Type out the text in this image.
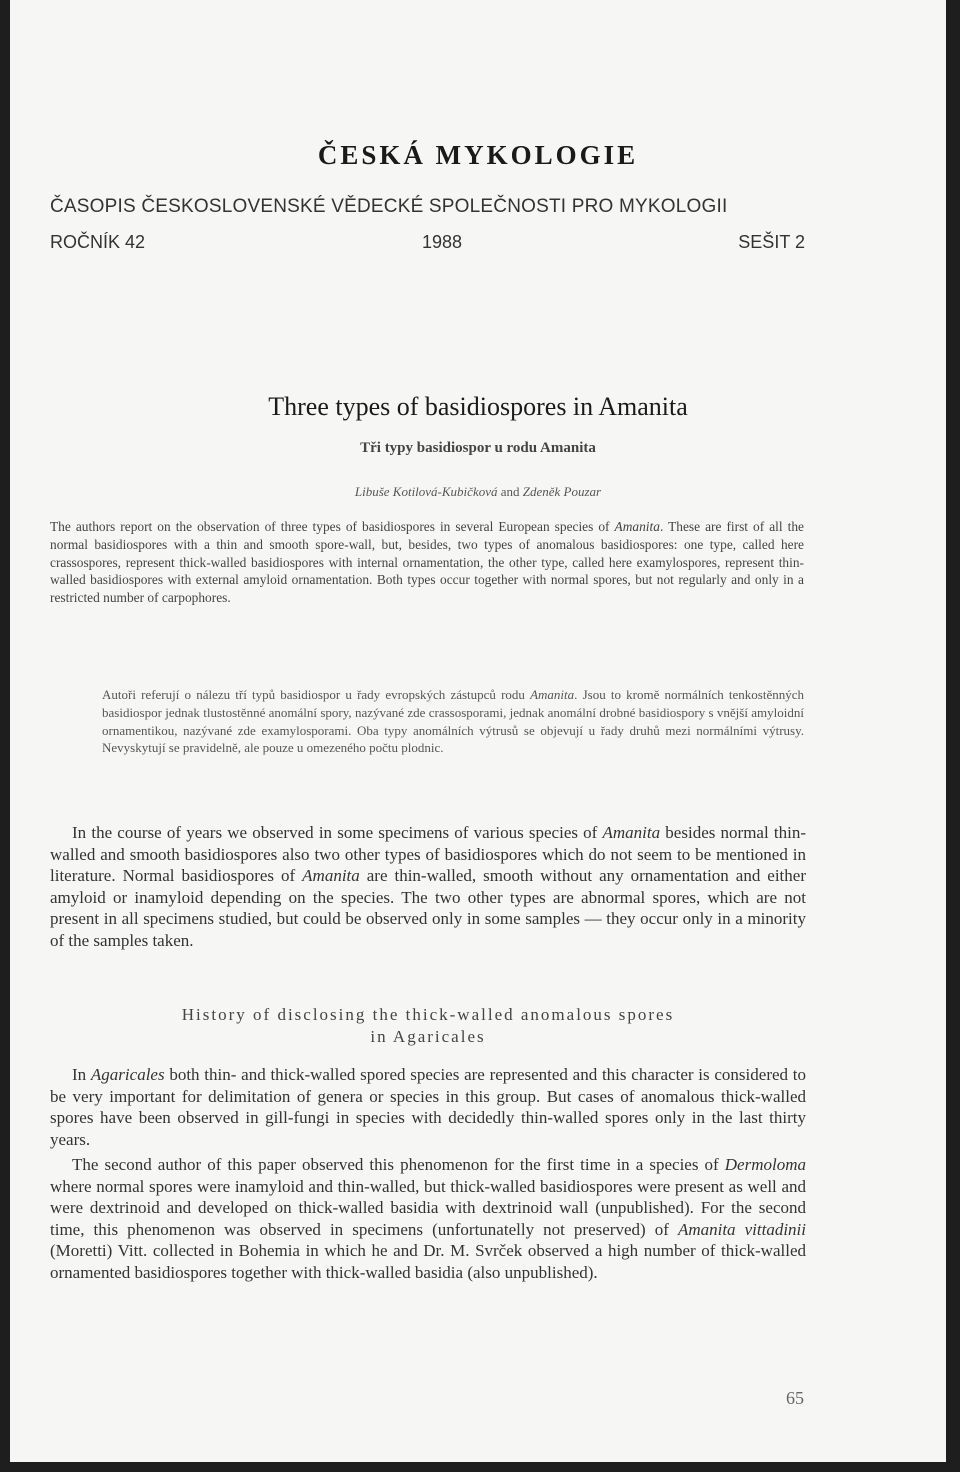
ČESKÁ MYKOLOGIE
ČASOPIS ČESKOSLOVENSKÉ VĚDECKÉ SPOLEČNOSTI PRO MYKOLOGII
ROČNÍK 42	1988	SEŠIT 2
Three types of basidiospores in Amanita
Tři typy basidiospor u rodu Amanita
Libuše Kotilová-Kubičková and Zdeněk Pouzar
The authors report on the observation of three types of basidiospores in several European species of Amanita. These are first of all the normal basidiospores with a thin and smooth spore-wall, but, besides, two types of anomalous basidiospores: one type, called here crassospores, represent thick-walled basidiospores with internal ornamentation, the other type, called here examylospores, represent thin-walled basidiospores with external amyloid ornamentation. Both types occur together with normal spores, but not regularly and only in a restricted number of carpophores.
Autoři referují o nálezu tří typů basidiospor u řady evropských zástupců rodu Amanita. Jsou to kromě normálních tenkostěnných basidiospor jednak tlustostěnné anomální spory, nazývané zde crassosporami, jednak anomální drobné basidiospory s vnější amyloidní ornamentikou, nazývané zde examylosporami. Oba typy anomálních výtrusů se objevují u řady druhů mezi normálními výtrusy. Nevyskytují se pravidelně, ale pouze u omezeného počtu plodnic.
In the course of years we observed in some specimens of various species of Amanita besides normal thin-walled and smooth basidiospores also two other types of basidiospores which do not seem to be mentioned in literature. Normal basidiospores of Amanita are thin-walled, smooth without any ornamentation and either amyloid or inamyloid depending on the species. The two other types are abnormal spores, which are not present in all specimens studied, but could be observed only in some samples — they occur only in a minority of the samples taken.
History of disclosing the thick-walled anomalous spores
in Agaricales
In Agaricales both thin- and thick-walled spored species are represented and this character is considered to be very important for delimitation of genera or species in this group. But cases of anomalous thick-walled spores have been observed in gill-fungi in species with decidedly thin-walled spores only in the last thirty years.
The second author of this paper observed this phenomenon for the first time in a species of Dermoloma where normal spores were inamyloid and thin-walled, but thick-walled basidiospores were present as well and were dextrinoid and developed on thick-walled basidia with dextrinoid wall (unpublished). For the second time, this phenomenon was observed in specimens (unfortunatelly not preserved) of Amanita vittadinii (Moretti) Vitt. collected in Bohemia in which he and Dr. M. Svrček observed a high number of thick-walled ornamented basidiospores together with thick-walled basidia (also unpublished).
65
